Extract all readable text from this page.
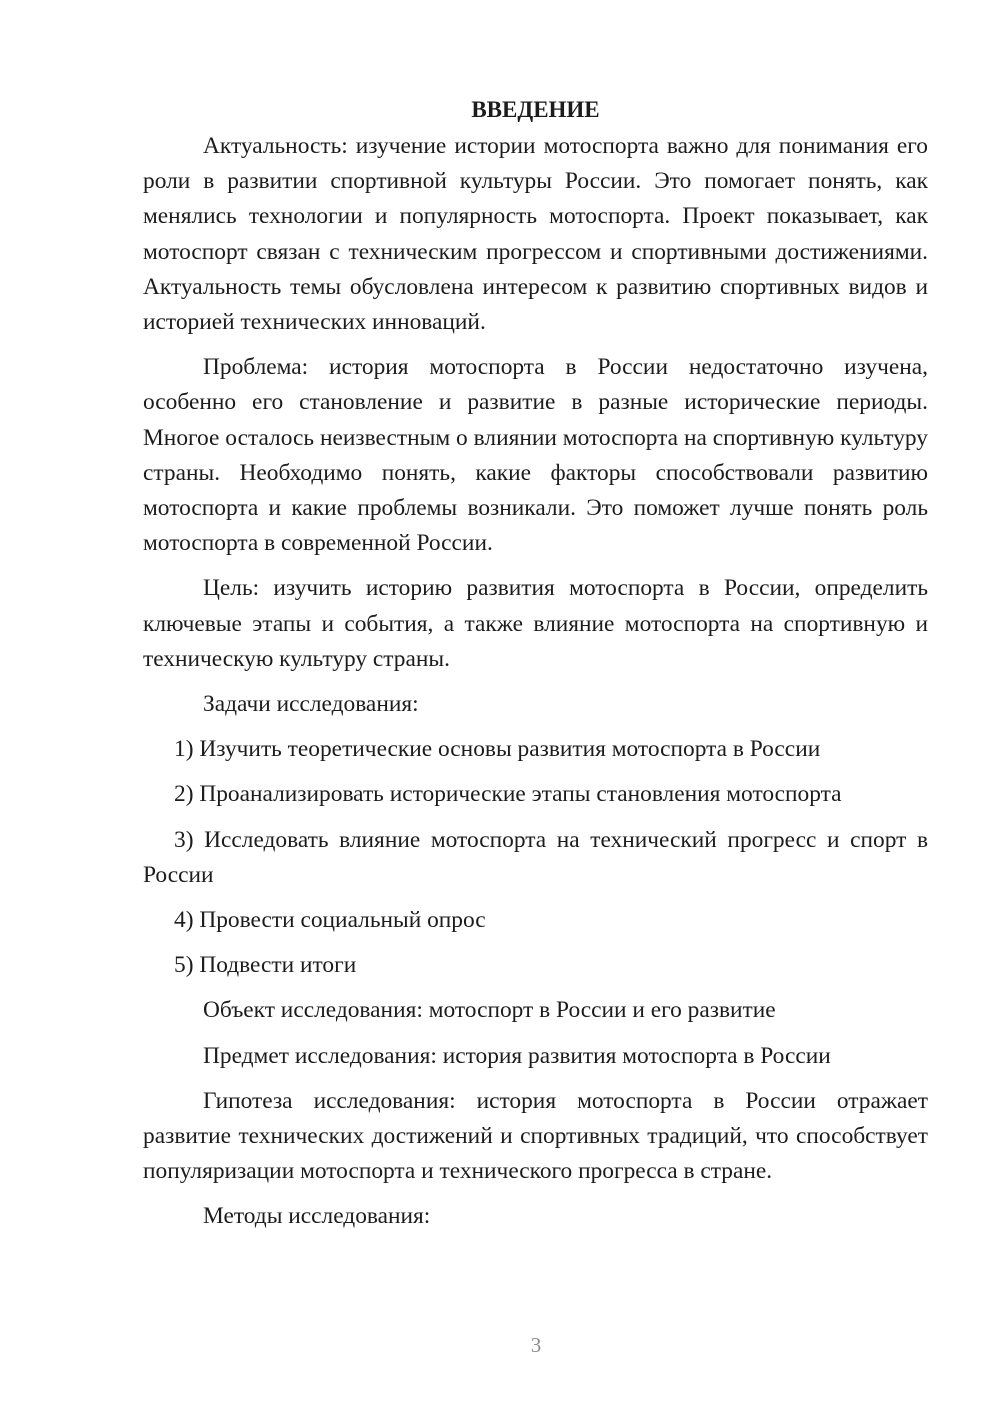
ВВЕДЕНИЕ

Актуальность: изучение истории мотоспорта важно для понимания его роли в развитии спортивной культуры России. Это помогает понять, как менялись технологии и популярность мотоспорта. Проект показывает, как мотоспорт связан с техническим прогрессом и спортивными достижениями. Актуальность темы обусловлена интересом к развитию спортивных видов и историей технических инноваций.

Проблема: история мотоспорта в России недостаточно изучена, особенно его становление и развитие в разные исторические периоды. Многое осталось неизвестным о влиянии мотоспорта на спортивную культуру страны. Необходимо понять, какие факторы способствовали развитию мотоспорта и какие проблемы возникали. Это поможет лучше понять роль мотоспорта в современной России.

Цель: изучить историю развития мотоспорта в России, определить ключевые этапы и события, а также влияние мотоспорта на спортивную и техническую культуру страны.

Задачи исследования:

1) Изучить теоретические основы развития мотоспорта в России

2) Проанализировать исторические этапы становления мотоспорта

3) Исследовать влияние мотоспорта на технический прогресс и спорт в России

4) Провести социальный опрос

5) Подвести итоги

Объект исследования: мотоспорт в России и его развитие

Предмет исследования: история развития мотоспорта в России

Гипотеза исследования: история мотоспорта в России отражает развитие технических достижений и спортивных традиций, что способствует популяризации мотоспорта и технического прогресса в стране.

Методы исследования:

3
